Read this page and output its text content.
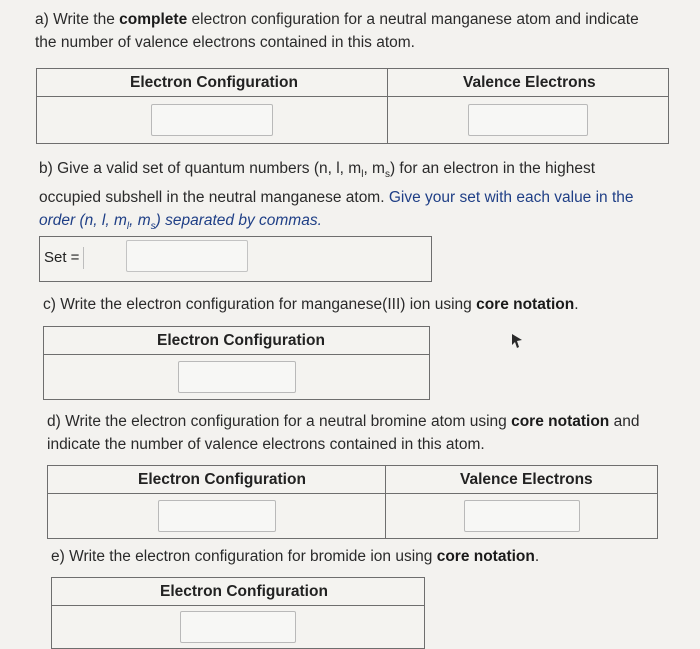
a) Write the complete electron configuration for a neutral manganese atom and indicate
the number of valence electrons contained in this atom.
Electron Configuration	Valence Electrons

b) Give a valid set of quantum numbers (n, l, $m_l$, $m_s$) for an electron in the highest
occupied subshell in the neutral manganese atom. Give your set with each value in the
order (n, l, $m_l$, $m_s$) separated by commas.
Set =
c) Write the electron configuration for manganese(III) ion using core notation.
Electron Configuration

d) Write the electron configuration for a neutral bromine atom using core notation and
indicate the number of valence electrons contained in this atom.
Electron Configuration	Valence Electrons

e) Write the electron configuration for bromide ion using core notation.
Electron Configuration
